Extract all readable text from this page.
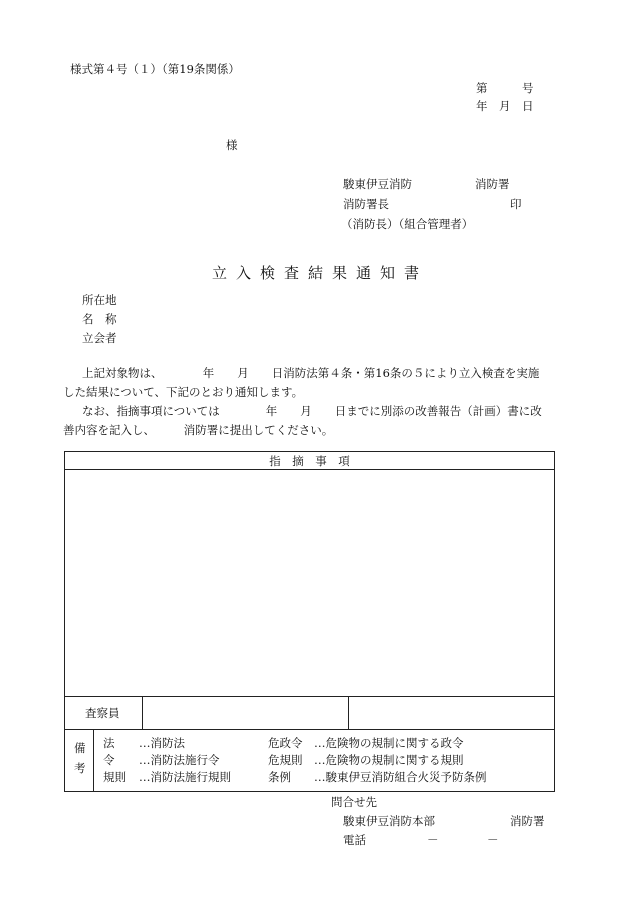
様式第４号（１）（第19条関係）
第　　　号
年　月　日
様
駿東伊豆消防	消防署
消防署長	印
（消防長）（組合管理者）
立入検査結果通知書
所在地
名　称
立会者
上記対象物は、　　　　年　　月　　日消防法第４条・第16条の５により立入検査を実施
した結果について、下記のとおり通知します。
なお、指摘事項については　　　　年　　月　　日までに別添の改善報告（計画）書に改
善内容を記入し、　　　消防署に提出してください。
指　摘　事　項
査察員
備
考
法 …消防法	危政令 …危険物の規制に関する政令
令 …消防法施行令	危規則 …危険物の規制に関する規則
規則 …消防法施行規則	条例 …駿東伊豆消防組合火災予防条例
問合せ先
駿東伊豆消防本部	消防署
電話	－	－
